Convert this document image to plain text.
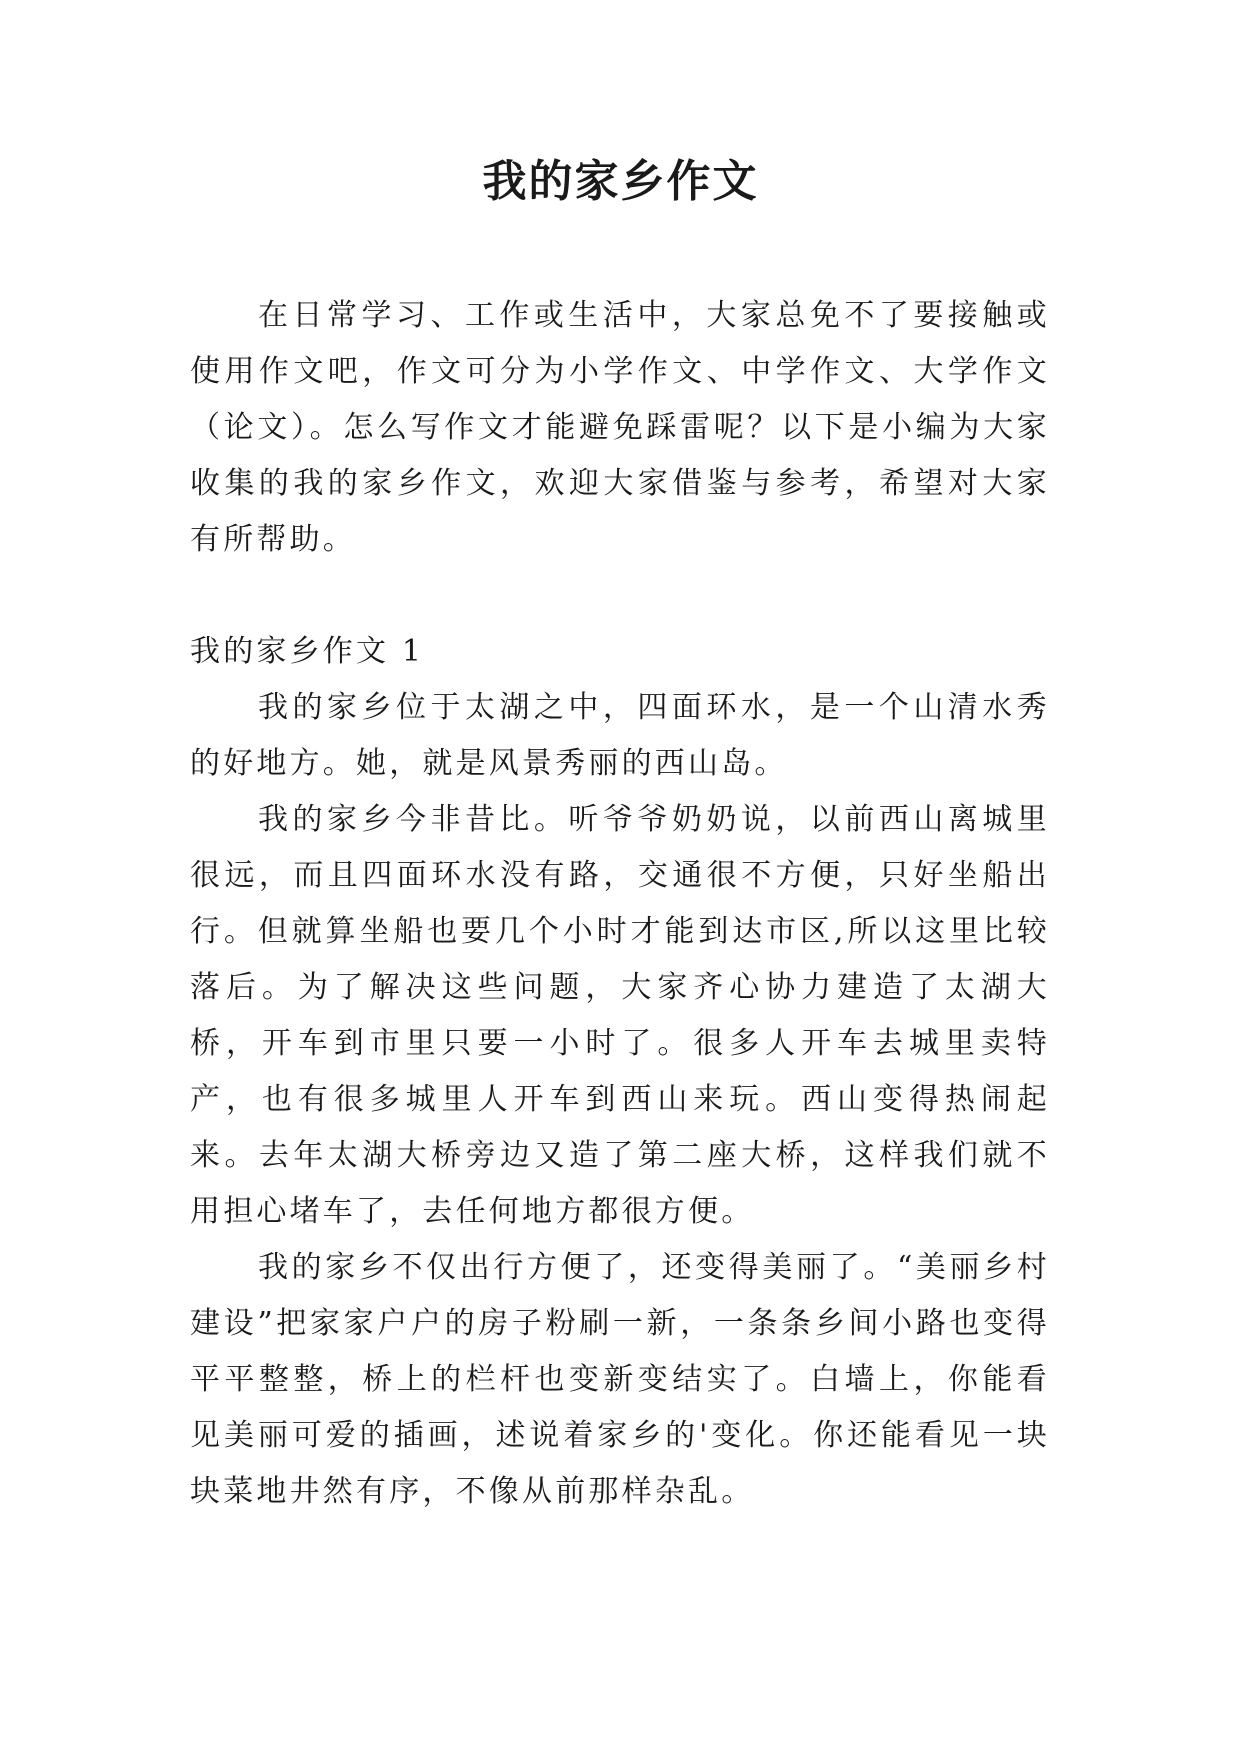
我的家乡作文

在日常学习、工作或生活中，大家总免不了要接触或使用作文吧，作文可分为小学作文、中学作文、大学作文（论文）。怎么写作文才能避免踩雷呢？以下是小编为大家收集的我的家乡作文，欢迎大家借鉴与参考，希望对大家有所帮助。

我的家乡作文 1

我的家乡位于太湖之中，四面环水，是一个山清水秀的好地方。她，就是风景秀丽的西山岛。

我的家乡今非昔比。听爷爷奶奶说，以前西山离城里很远，而且四面环水没有路，交通很不方便，只好坐船出行。但就算坐船也要几个小时才能到达市区,所以这里比较落后。为了解决这些问题，大家齐心协力建造了太湖大桥，开车到市里只要一小时了。很多人开车去城里卖特产，也有很多城里人开车到西山来玩。西山变得热闹起来。去年太湖大桥旁边又造了第二座大桥，这样我们就不用担心堵车了，去任何地方都很方便。

我的家乡不仅出行方便了，还变得美丽了。“美丽乡村建设”把家家户户的房子粉刷一新，一条条乡间小路也变得平平整整，桥上的栏杆也变新变结实了。白墙上，你能看见美丽可爱的插画，述说着家乡的'变化。你还能看见一块块菜地井然有序，不像从前那样杂乱。
